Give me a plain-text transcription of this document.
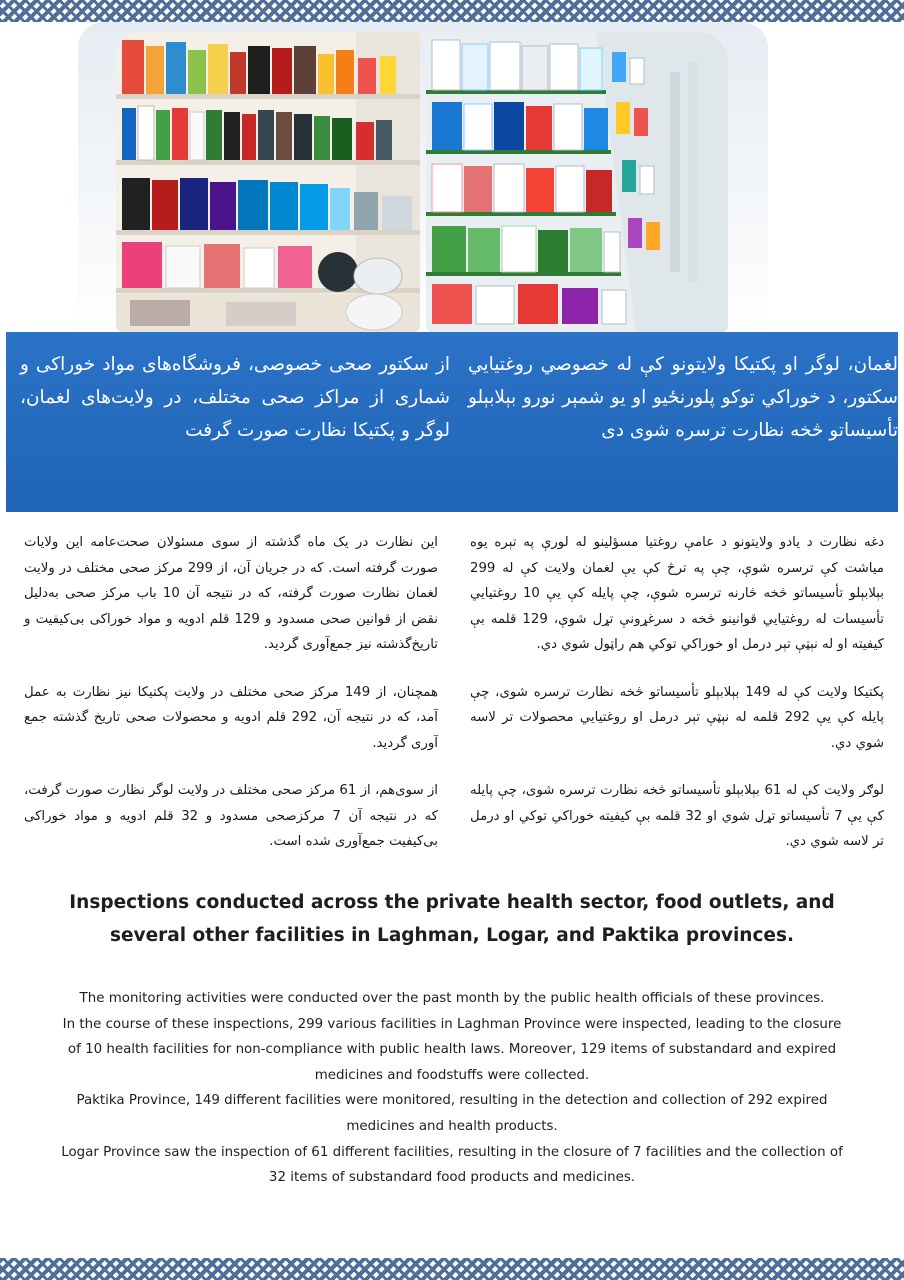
از سکتور صحی خصوصی، فروشگاه‌های مواد خوراکی و شماری از مراکز صحی مختلف، در ولایت‌های لغمان، لوگر و پکتیکا نظارت صورت گرفت

لغمان، لوگر او پکتیکا ولایتونو کې له خصوصي روغتیايي سکتور، د خوراکي توکو پلورنځیو او یو شمېر نورو بېلابېلو تأسیساتو څخه نظارت ترسره شوی دی

این نظارت در یک ماه گذشته از سوی مسئولان صحت‌عامه این ولایات صورت گرفته است. که در جریان آن، از 299 مرکز صحی مختلف در ولایت لغمان نظارت صورت گرفته، که در نتیجه آن 10 باب مرکز صحی به‌دلیل نقض از قوانین صحی مسدود و 129 قلم ادویه و مواد خوراکی بی‌کیفیت و تاریخ‌گذشته نیز جمع‌آوری گردید.

همچنان، از 149 مرکز صحی مختلف در ولایت پکتیکا نیز نظارت به عمل آمد، که در نتیجه آن، 292 قلم ادویه و محصولات صحی تاریخ گذشته جمع آوری گردید.

از سوی‌هم، از 61 مرکز صحی مختلف در ولایت لوگر نظارت صورت گرفت، که در نتیجه آن 7 مرکزصحی مسدود و 32 قلم ادویه و مواد خوراکی بی‌کیفیت جمع‌آوری شده است.

دغه نظارت د یادو ولایتونو د عامې روغتیا مسؤلینو له لورې په تېره یوه میاشت کې ترسره شوې، چې په ترڅ کې یې لغمان ولایت کې له 299 بېلابېلو تأسیساتو څخه څارنه ترسره شوې، چې پایله کې یې 10 روغتیايي تأسیسات له روغتیايي قوانینو څخه د سرغړونې تړل شوې، 129 قلمه بې کیفیته او له نېټې تېر درمل او خوراکي توکي هم راټول شوي دي.

پکتیکا ولایت کې له 149 بېلابېلو تأسیساتو څخه نظارت ترسره شوی، چې پایله کې یې 292 قلمه له نېټې تېر درمل او روغتیايي محصولات تر لاسه شوي دي.

لوګر ولایت کې له 61 بېلابېلو تأسیساتو څخه نظارت ترسره شوی، چې پایله کې یې 7 تأسیساتو تړل شوي او 32 قلمه بې کیفیته خوراکي توکي او درمل تر لاسه شوي دي.

Inspections conducted across the private health sector, food outlets, and several other facilities in Laghman, Logar, and Paktika provinces.

The monitoring activities were conducted over the past month by the public health officials of these provinces.

In the course of these inspections, 299 various facilities in Laghman Province were inspected, leading to the closure of 10 health facilities for non-compliance with public health laws. Moreover, 129 items of substandard and expired medicines and foodstuffs were collected.

Paktika Province, 149 different facilities were monitored, resulting in the detection and collection of 292 expired medicines and health products.

Logar Province saw the inspection of 61 different facilities, resulting in the closure of 7 facilities and the collection of 32 items of substandard food products and medicines.
